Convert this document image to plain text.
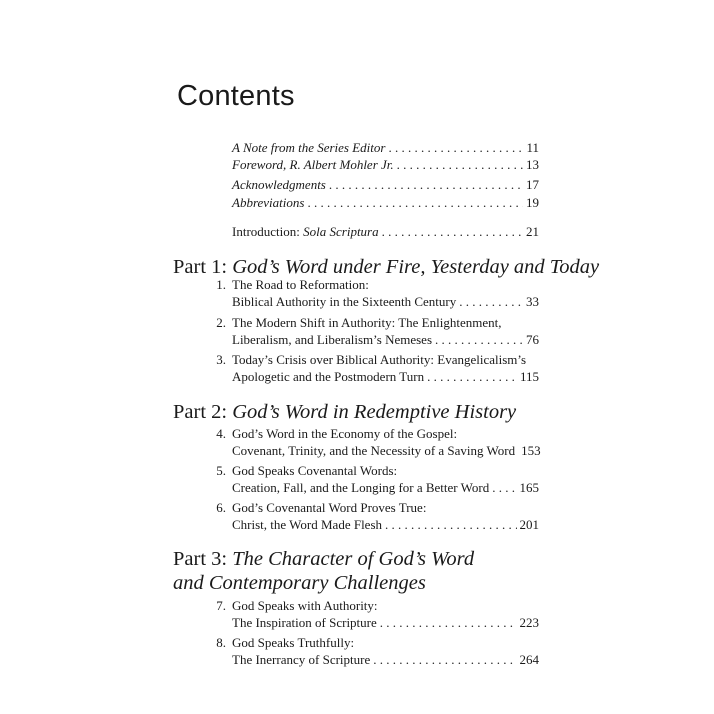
Contents
A Note from the Series Editor . . .	11
Foreword, R. Albert Mohler Jr. . . .	13
Acknowledgments . . .	17
Abbreviations . . .	19
Introduction: Sola Scriptura . . .	21
Part 1: God’s Word under Fire, Yesterday and Today
1. The Road to Reformation:
Biblical Authority in the Sixteenth Century . . .	33
2. The Modern Shift in Authority: The Enlightenment,
Liberalism, and Liberalism’s Nemeses . . .	76
3. Today’s Crisis over Biblical Authority: Evangelicalism’s
Apologetic and the Postmodern Turn . . .	115
Part 2: God’s Word in Redemptive History
4. God’s Word in the Economy of the Gospel:
Covenant, Trinity, and the Necessity of a Saving Word 153
5. God Speaks Covenantal Words:
Creation, Fall, and the Longing for a Better Word . . . 165
6. God’s Covenantal Word Proves True:
Christ, the Word Made Flesh . . .	201
Part 3: The Character of God’s Word
and Contemporary Challenges
7. God Speaks with Authority:
The Inspiration of Scripture . . .	223
8. God Speaks Truthfully:
The Inerrancy of Scripture . . .	264
